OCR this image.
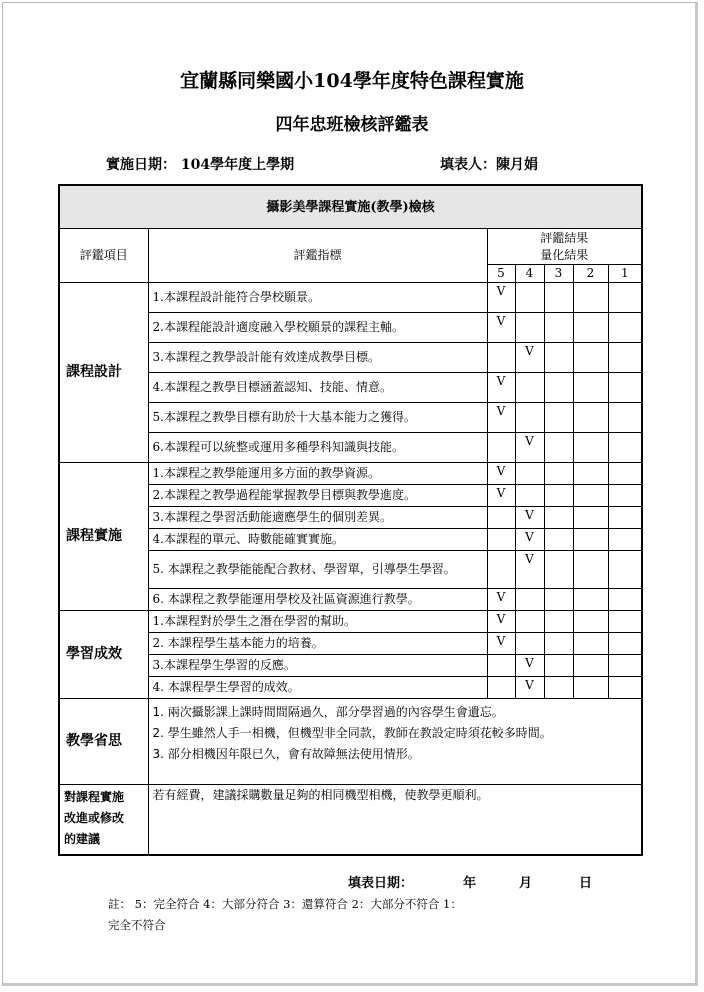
宜蘭縣同樂國小104學年度特色課程實施
四年忠班檢核評鑑表
實施日期： 104學年度上學期	填表人：陳月娟
攝影美學課程實施(教學)檢核						
評鑑項目	評鑑指標	評鑑結果
量化結果				

		5	4	3	2	1
課程設計	1.本課程設計能符合學校願景。	V				
	2.本課程能設計適度融入學校願景的課程主軸。	V				
	3.本課程之教學設計能有效達成教學目標。		V			
	4.本課程之教學目標涵蓋認知、技能、情意。	V				
	5.本課程之教學目標有助於十大基本能力之獲得。	V				
	6.本課程可以統整或運用多種學科知識與技能。		V			
課程實施	1.本課程之教學能運用多方面的教學資源。	V				
	2.本課程之教學過程能掌握教學目標與教學進度。	V				
	3.本課程之學習活動能適應學生的個別差異。		V			
	4.本課程的單元、時數能確實實施。		V			
	5. 本課程之教學能能配合教材、學習單，引導學生學習。		V			
	6. 本課程之教學能運用學校及社區資源進行教學。	V				
學習成效	1.本課程對於學生之潛在學習的幫助。	V				
	2. 本課程學生基本能力的培養。	V				
	3.本課程學生學習的反應。		V			
	4. 本課程學生學習的成效。		V			
教學省思	1. 兩次攝影課上課時間間隔過久，部分學習過的內容學生會遺忘。
2. 學生雖然人手一相機，但機型非全同款，教師在教設定時須花較多時間。
3. 部分相機因年限已久，會有故障無法使用情形。					

對課程實施
改進或修改
的建議	若有經費，建議採購數量足夠的相同機型相機，使教學更順利。					
填表日期：	年	月	日
註： 5：完全符合 4：大部分符合 3：還算符合 2：大部分不符合 1：
完全不符合
